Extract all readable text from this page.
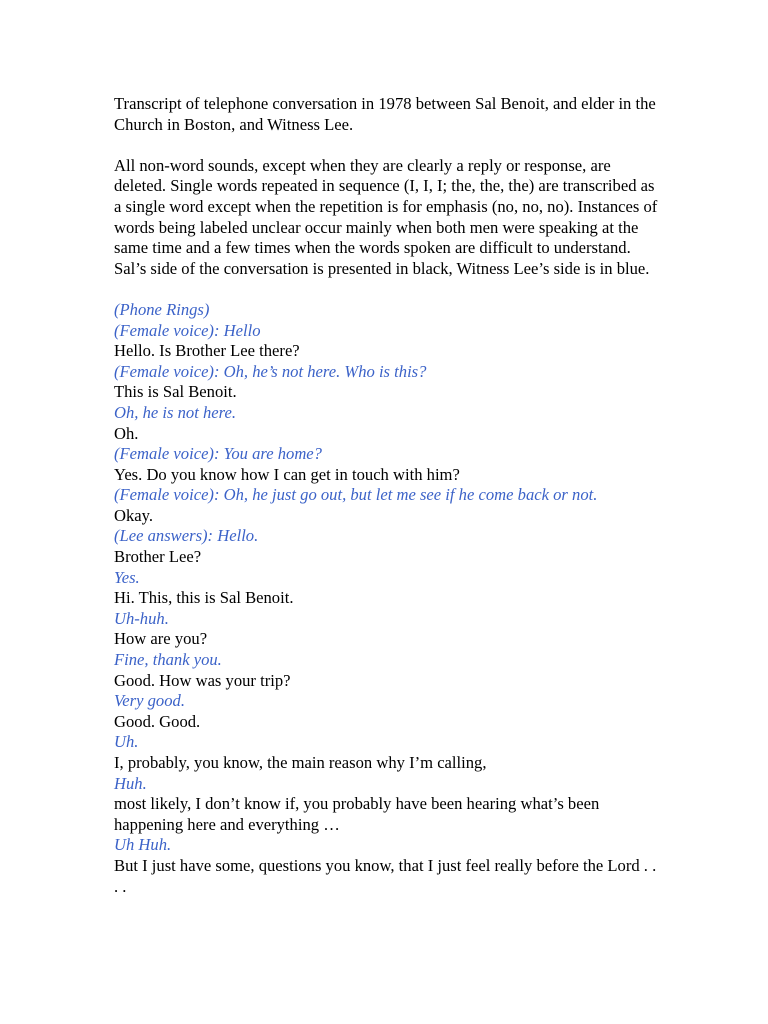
Transcript of telephone conversation in 1978 between Sal Benoit, and elder in the Church in Boston, and Witness Lee.

All non-word sounds, except when they are clearly a reply or response, are deleted. Single words repeated in sequence (I, I, I; the, the, the) are transcribed as a single word except when the repetition is for emphasis (no, no, no). Instances of words being labeled unclear occur mainly when both men were speaking at the same time and a few times when the words spoken are difficult to understand. Sal’s side of the conversation is presented in black, Witness Lee’s side is in blue.

(Phone Rings)
(Female voice): Hello
Hello. Is Brother Lee there?
(Female voice): Oh, he’s not here. Who is this?
This is Sal Benoit.
Oh, he is not here.
Oh.
(Female voice): You are home?
Yes. Do you know how I can get in touch with him?
(Female voice): Oh, he just go out, but let me see if he come back or not.
Okay.
(Lee answers): Hello.
Brother Lee?
Yes.
Hi. This, this is Sal Benoit.
Uh-huh.
How are you?
Fine, thank you.
Good. How was your trip?
Very good.
Good. Good.
Uh.
I, probably, you know, the main reason why I’m calling,
Huh.
most likely, I don’t know if, you probably have been hearing what’s been happening here and everything …
Uh Huh.
But I just have some, questions you know, that I just feel really before the Lord . . . .
